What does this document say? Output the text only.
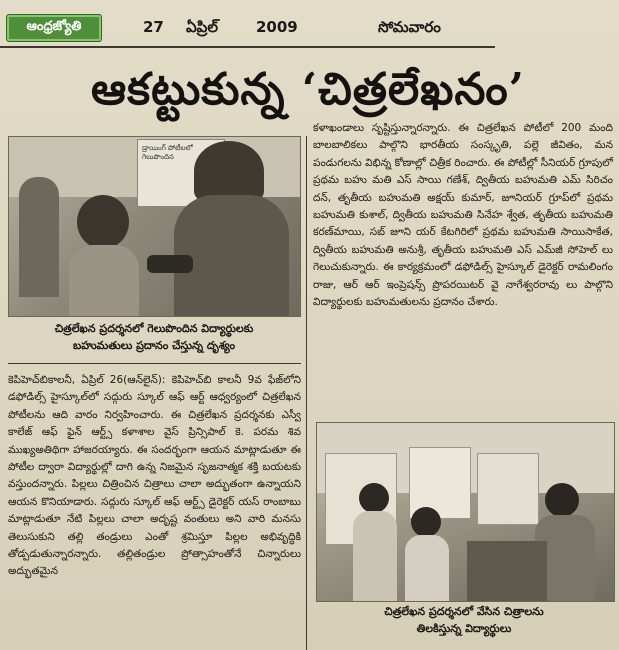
ఆంధ్రజ్యోతి	27 ఏప్రిల్	2009	సోమవారం
ఆకట్టుకున్న ‘చిత్రలేఖనం’
డ్రాయింగ్ పోటీలలో గెలుపొందిన
చిత్రలేఖన ప్రదర్శనలో గెలుపొందిన విద్యార్థులకు
బహుమతులు ప్రదానం చేస్తున్న దృశ్యం

కెపిహెచ్‌బికాలనీ, ఏప్రిల్ 26(ఆన్‌లైన్): కెపిహెచ్‌బి కాలనీ 9వ ఫేజ్‌లోని డఫోడిల్స్ హైస్కూల్‌లో సద్గురు స్కూల్ ఆఫ్ ఆర్ట్ ఆధ్వర్యంలో చిత్రలేఖన పోటీలను ఆది వారం నిర్వహించారు. ఈ చిత్రలేఖన ప్రదర్శనకు ఎస్వీ కాలేజ్ ఆఫ్ ఫైన్ ఆర్ట్స్ కళాశాల వైస్ ప్రిన్సిపాల్ కె. పరమ శివ ముఖ్యఅతిథిగా హాజరయ్యారు. ఈ సందర్భంగా ఆయన మాట్లాడుతూ ఈ పోటీల ద్వారా విద్యార్థుల్లో దాగి ఉన్న నిజమైన సృజనాత్మక శక్తి బయటకు వస్తుందన్నారు. పిల్లలు చిత్రించిన చిత్రాలు చాలా అద్భుతంగా ఉన్నాయని ఆయన కొనియాడారు. సద్గురు స్కూల్ ఆఫ్ ఆర్ట్స్ డైరెక్టర్ యస్ రాంబాబు మాట్లాడుతూ నేటి పిల్లలు చాలా అదృష్ట వంతులు అని వారి మనసు తెలుసుకుని తల్లి తండ్రులు ఎంతో శ్రమిస్తూ పిల్లల అభివృద్ధికి తోడ్పడుతున్నారన్నారు. తల్లితండ్రుల ప్రోత్సాహంతోనే చిన్నారులు అద్భుతమైన

కళాఖండాలు సృష్టిస్తున్నారన్నారు. ఈ చిత్రలేఖన పోటీలో 200 మంది బాలబాలికలు పాల్గొని భారతీయ సంస్కృతి, పల్లె జీవితం, మన పండుగలను విభిన్న కోణాల్లో చిత్రీక రించారు. ఈ పోటీల్లో సీనియర్ గ్రూపులో ప్రథమ బహు మతి ఎస్ సాయి గణేశ్, ద్వితీయ బహుమతి ఎమ్ సిరిచం దన్, తృతీయ బహుమతి అక్షయ్ కుమార్, జూనియర్ గ్రూప్‌లో ప్రథమ బహుమతి కుశాల్, ద్వితీయ బహుమతి సినేహ శ్వేత, తృతీయ బహుమతి కరణ్‌మాయి, సబ్ జూని యర్ కేటగిరిలో ప్రథమ బహుమతి సాయిసాకేత, ద్వితీయ బహుమతి అనుశ్రీ, తృతీయ బహుమతి ఎస్ ఎమ్‌జీ సోహెల్ లు గెలుచుకున్నారు. ఈ కార్యక్రమంలో డఫోడిల్స్ హైస్కూల్ డైరెక్టర్ రామలింగం రాజు, ఆర్ ఆర్ ఇంప్రెషన్స్ ప్రొపరయిటర్ వై నాగేశ్వరరావు లు పాల్గొని విద్యార్థులకు బహుమతులను ప్రదానం చేశారు.

చిత్రలేఖన ప్రదర్శనలో వేసిన చిత్రాలను
తిలకిస్తున్న విద్యార్థులు
